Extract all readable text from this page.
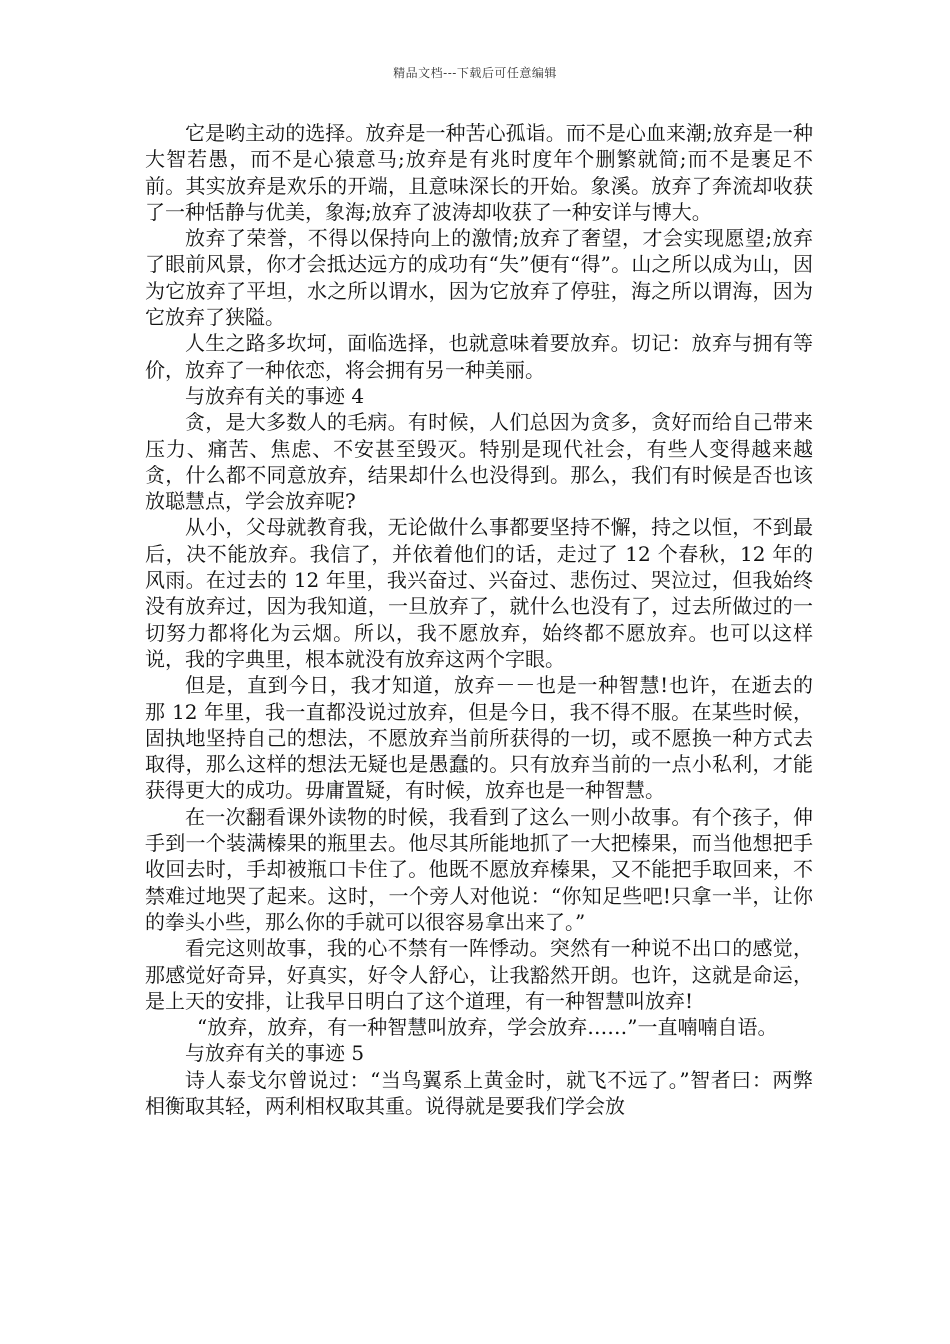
精品文档---下载后可任意编辑

它是哟主动的选择。放弃是一种苦心孤诣。而不是心血来潮;放弃是一种大智若愚，而不是心猿意马;放弃是有兆时度年个删繁就简;而不是裹足不前。其实放弃是欢乐的开端，且意味深长的开始。象溪。放弃了奔流却收获了一种恬静与优美，象海;放弃了波涛却收获了一种安详与博大。

放弃了荣誉，不得以保持向上的激情;放弃了奢望，才会实现愿望;放弃了眼前风景，你才会抵达远方的成功有“失”便有“得”。山之所以成为山，因为它放弃了平坦，水之所以谓水，因为它放弃了停驻，海之所以谓海，因为它放弃了狭隘。

人生之路多坎坷，面临选择，也就意味着要放弃。切记：放弃与拥有等价，放弃了一种依恋，将会拥有另一种美丽。

与放弃有关的事迹 4

贪，是大多数人的毛病。有时候，人们总因为贪多，贪好而给自己带来压力、痛苦、焦虑、不安甚至毁灭。特别是现代社会，有些人变得越来越贪，什么都不同意放弃，结果却什么也没得到。那么，我们有时候是否也该放聪慧点，学会放弃呢?

从小，父母就教育我，无论做什么事都要坚持不懈，持之以恒，不到最后，决不能放弃。我信了，并依着他们的话，走过了 12 个春秋，12 年的风雨。在过去的 12 年里，我兴奋过、兴奋过、悲伤过、哭泣过，但我始终没有放弃过，因为我知道，一旦放弃了，就什么也没有了，过去所做过的一切努力都将化为云烟。所以，我不愿放弃，始终都不愿放弃。也可以这样说，我的字典里，根本就没有放弃这两个字眼。

但是，直到今日，我才知道，放弃－－也是一种智慧!也许，在逝去的那 12 年里，我一直都没说过放弃，但是今日，我不得不服。在某些时候，固执地坚持自己的想法，不愿放弃当前所获得的一切，或不愿换一种方式去取得，那么这样的想法无疑也是愚蠢的。只有放弃当前的一点小私利，才能获得更大的成功。毋庸置疑，有时候，放弃也是一种智慧。

在一次翻看课外读物的时候，我看到了这么一则小故事。有个孩子，伸手到一个装满榛果的瓶里去。他尽其所能地抓了一大把榛果，而当他想把手收回去时，手却被瓶口卡住了。他既不愿放弃榛果，又不能把手取回来，不禁难过地哭了起来。这时，一个旁人对他说：“你知足些吧!只拿一半，让你的拳头小些，那么你的手就可以很容易拿出来了。”

看完这则故事，我的心不禁有一阵悸动。突然有一种说不出口的感觉，那感觉好奇异，好真实，好令人舒心，让我豁然开朗。也许，这就是命运，是上天的安排，让我早日明白了这个道理，有一种智慧叫放弃!

“放弃，放弃，有一种智慧叫放弃，学会放弃……”一直喃喃自语。

与放弃有关的事迹 5

诗人泰戈尔曾说过：“当鸟翼系上黄金时，就飞不远了。”智者曰：两弊相衡取其轻，两利相权取其重。说得就是要我们学会放
